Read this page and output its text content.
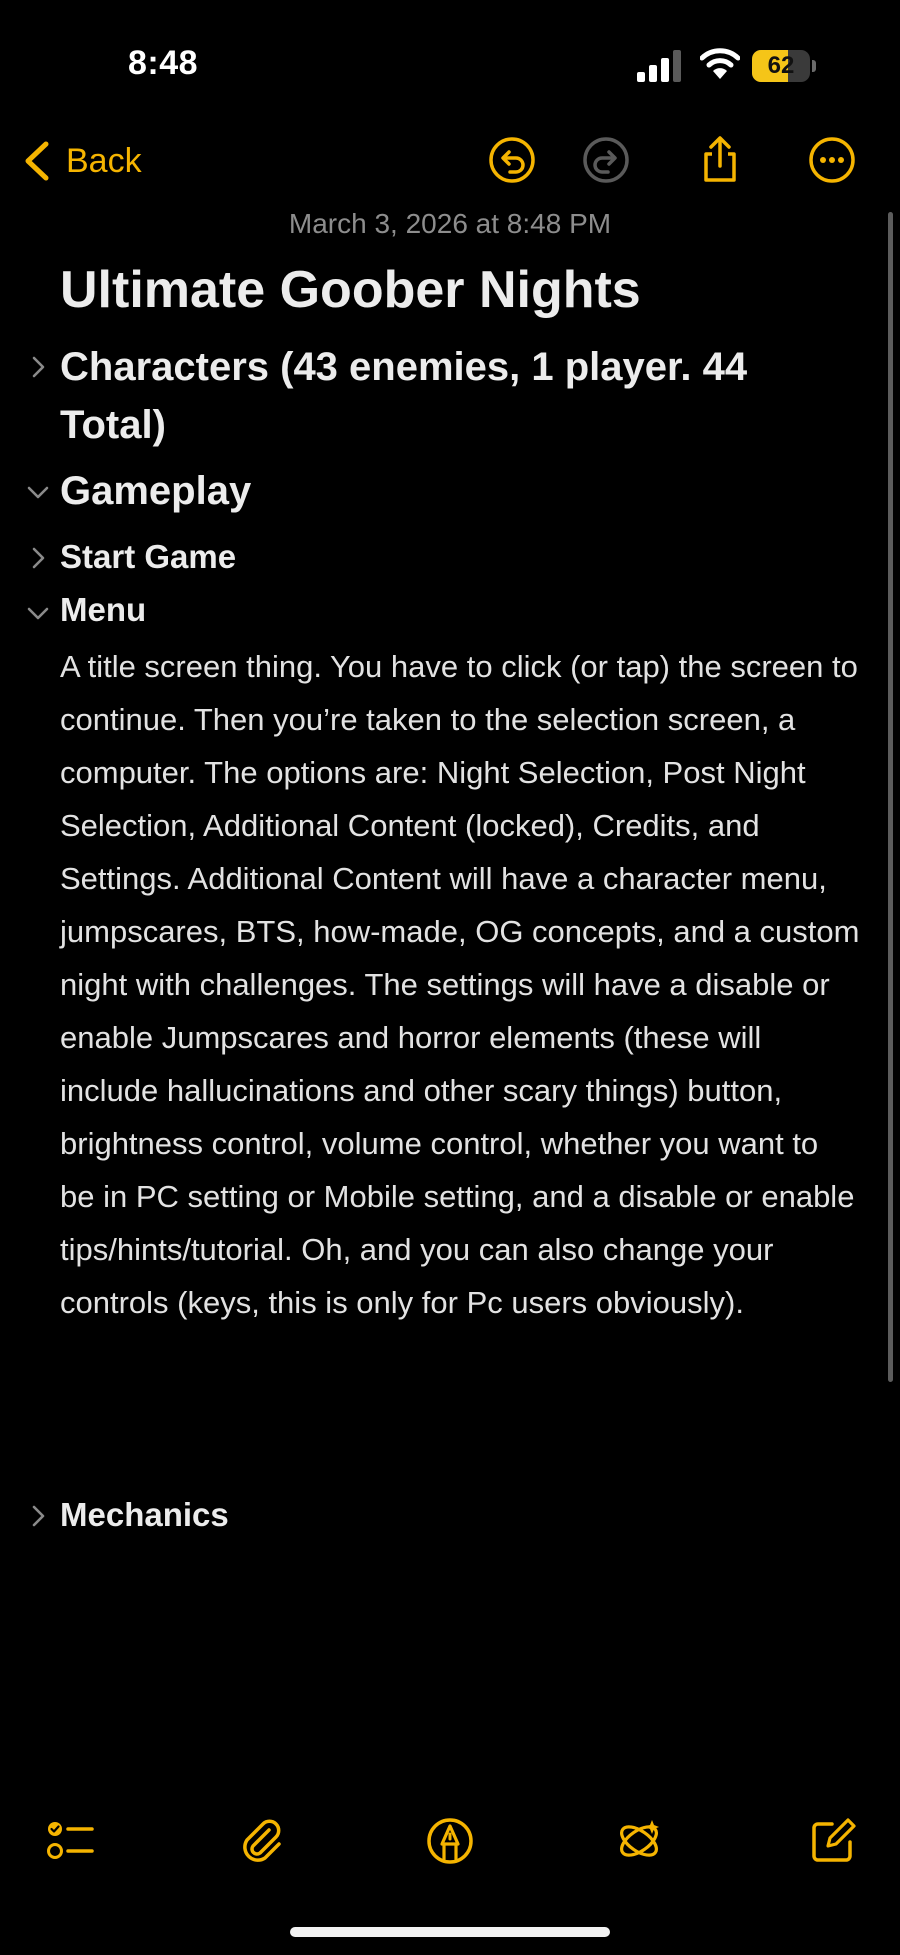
8:48	62
Back
March 3, 2026 at 8:48 PM
Ultimate Goober Nights
Characters (43 enemies, 1 player. 44 Total)
Gameplay
Start Game
Menu
A title screen thing. You have to click (or tap) the screen to continue. Then you’re taken to the selection screen, a computer. The options are: Night Selection, Post Night Selection, Additional Content (locked), Credits, and Settings. Additional Content will have a character menu, jumpscares, BTS, how-made, OG concepts, and a custom night with challenges. The settings will have a disable or enable Jumpscares and horror elements (these will include hallucinations and other scary things) button, brightness control, volume control, whether you want to be in PC setting or Mobile setting, and a disable or enable tips/hints/tutorial. Oh, and you can also change your controls (keys, this is only for Pc users obviously).
Mechanics
